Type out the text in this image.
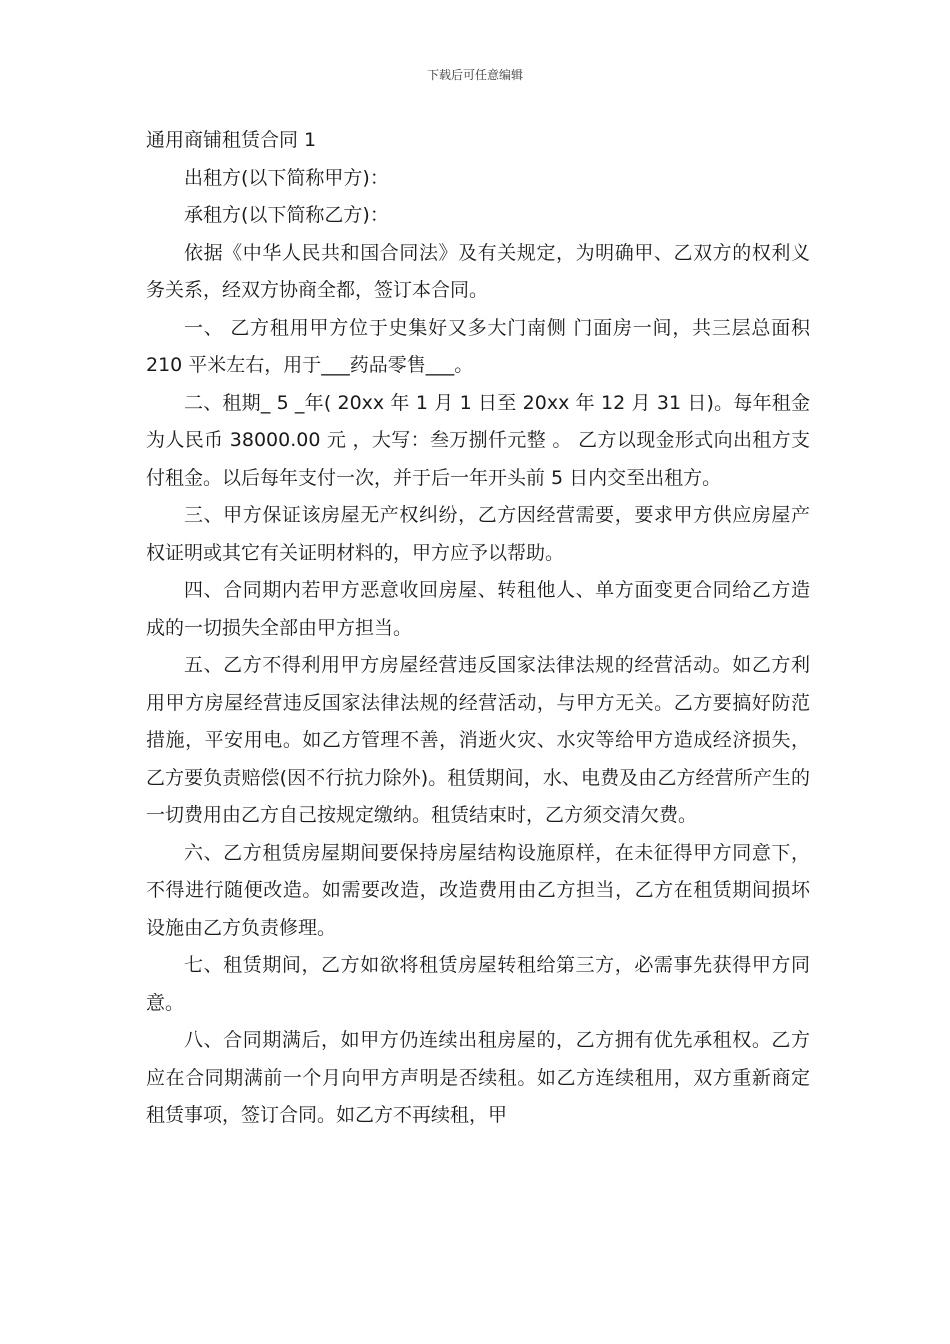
下载后可任意编辑
通用商铺租赁合同 1

出租方(以下简称甲方)：

承租方(以下简称乙方)：

依据《中华人民共和国合同法》及有关规定，为明确甲、乙双方的权利义务关系，经双方协商全都，签订本合同。

一、 乙方租用甲方位于史集好又多大门南侧 门面房一间，共三层总面积 210 平米左右，用于___药品零售___。

二、租期_ 5 _年( 20xx 年 1 月 1 日至 20xx 年 12 月 31 日)。每年租金为人民币 38000.00 元 ，大写：叁万捌仟元整 。 乙方以现金形式向出租方支付租金。以后每年支付一次，并于后一年开头前 5 日内交至出租方。

三、甲方保证该房屋无产权纠纷，乙方因经营需要，要求甲方供应房屋产权证明或其它有关证明材料的，甲方应予以帮助。

四、合同期内若甲方恶意收回房屋、转租他人、单方面变更合同给乙方造成的一切损失全部由甲方担当。

五、乙方不得利用甲方房屋经营违反国家法律法规的经营活动。如乙方利用甲方房屋经营违反国家法律法规的经营活动，与甲方无关。乙方要搞好防范措施，平安用电。如乙方管理不善，消逝火灾、水灾等给甲方造成经济损失，乙方要负责赔偿(因不行抗力除外)。租赁期间，水、电费及由乙方经营所产生的一切费用由乙方自己按规定缴纳。租赁结束时，乙方须交清欠费。

六、乙方租赁房屋期间要保持房屋结构设施原样，在未征得甲方同意下，不得进行随便改造。如需要改造，改造费用由乙方担当，乙方在租赁期间损坏设施由乙方负责修理。

七、租赁期间，乙方如欲将租赁房屋转租给第三方，必需事先获得甲方同意。

八、合同期满后，如甲方仍连续出租房屋的，乙方拥有优先承租权。乙方应在合同期满前一个月向甲方声明是否续租。如乙方连续租用，双方重新商定租赁事项，签订合同。如乙方不再续租，甲
